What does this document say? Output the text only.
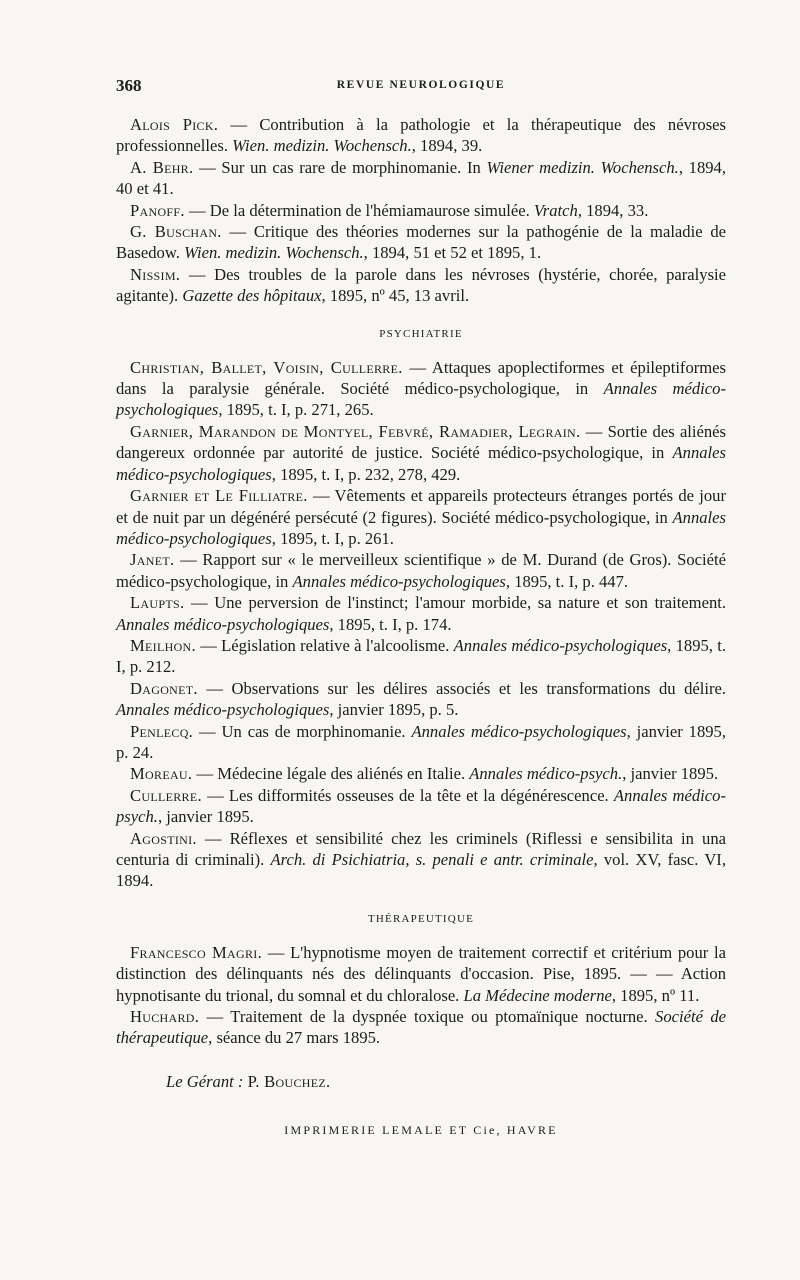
368	REVUE NEUROLOGIQUE

Alois Pick. — Contribution à la pathologie et la thérapeutique des névroses professionnelles. Wien. medizin. Wochensch., 1894, 39.

A. Behr. — Sur un cas rare de morphinomanie. In Wiener medizin. Wochensch., 1894, 40 et 41.

Panoff. — De la détermination de l'hémiamaurose simulée. Vratch, 1894, 33.

G. Buschan. — Critique des théories modernes sur la pathogénie de la maladie de Basedow. Wien. medizin. Wochensch., 1894, 51 et 52 et 1895, 1.

Nissim. — Des troubles de la parole dans les névroses (hystérie, chorée, paralysie agitante). Gazette des hôpitaux, 1895, nº 45, 13 avril.

PSYCHIATRIE

Christian, Ballet, Voisin, Cullerre. — Attaques apoplectiformes et épileptiformes dans la paralysie générale. Société médico-psychologique, in Annales médico-psychologiques, 1895, t. I, p. 271, 265.

Garnier, Marandon de Montyel, Febvré, Ramadier, Legrain. — Sortie des aliénés dangereux ordonnée par autorité de justice. Société médico-psychologique, in Annales médico-psychologiques, 1895, t. I, p. 232, 278, 429.

Garnier et Le Filliatre. — Vêtements et appareils protecteurs étranges portés de jour et de nuit par un dégénéré persécuté (2 figures). Société médico-psychologique, in Annales médico-psychologiques, 1895, t. I, p. 261.

Janet. — Rapport sur « le merveilleux scientifique » de M. Durand (de Gros). Société médico-psychologique, in Annales médico-psychologiques, 1895, t. I, p. 447.

Laupts. — Une perversion de l'instinct; l'amour morbide, sa nature et son traitement. Annales médico-psychologiques, 1895, t. I, p. 174.

Meilhon. — Législation relative à l'alcoolisme. Annales médico-psychologiques, 1895, t. I, p. 212.

Dagonet. — Observations sur les délires associés et les transformations du délire. Annales médico-psychologiques, janvier 1895, p. 5.

Penlecq. — Un cas de morphinomanie. Annales médico-psychologiques, janvier 1895, p. 24.

Moreau. — Médecine légale des aliénés en Italie. Annales médico-psych., janvier 1895.

Cullerre. — Les difformités osseuses de la tête et la dégénérescence. Annales médico-psych., janvier 1895.

Agostini. — Réflexes et sensibilité chez les criminels (Riflessi e sensibilita in una centuria di criminali). Arch. di Psichiatria, s. penali e antr. criminale, vol. XV, fasc. VI, 1894.

THÉRAPEUTIQUE

Francesco Magri. — L'hypnotisme moyen de traitement correctif et critérium pour la distinction des délinquants nés des délinquants d'occasion. Pise, 1895. — — Action hypnotisante du trional, du somnal et du chloralose. La Médecine moderne, 1895, nº 11.

Huchard. — Traitement de la dyspnée toxique ou ptomaïnique nocturne. Société de thérapeutique, séance du 27 mars 1895.

Le Gérant : P. Bouchez.
IMPRIMERIE LEMALE ET Cie, HAVRE
